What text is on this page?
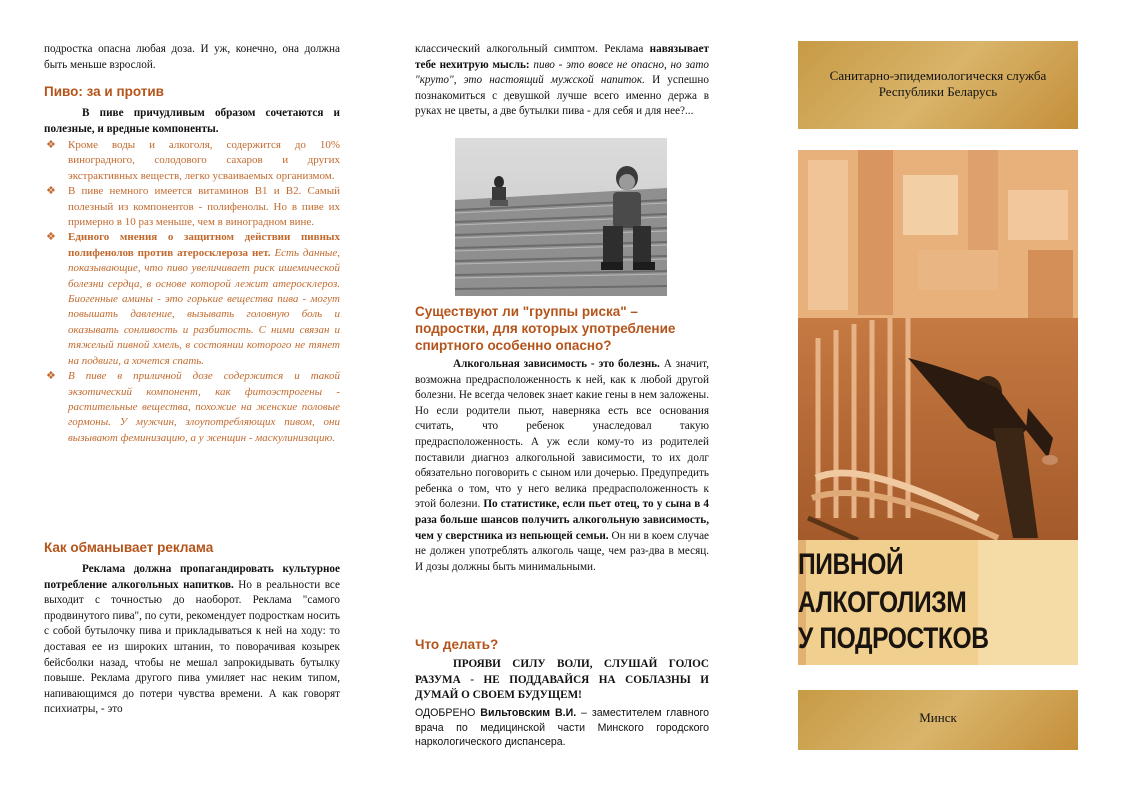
подростка опасна любая доза. И уж, конечно, она должна быть меньше взрослой.

Пиво: за и против

В пиве причудливым образом сочетаются и полезные, и вредные компоненты.

❖ Кроме воды и алкоголя, содержится до 10% виноградного, солодового сахаров и других экстрактивных веществ, легко усваиваемых организмом.
❖ В пиве немного имеется витаминов В1 и В2. Самый полезный из компонентов - полифенолы. Но в пиве их примерно в 10 раз меньше, чем в виноградном вине.
❖ Единого мнения о защитном действии пивных полифенолов против атеросклероза нет. Есть данные, показывающие, что пиво увеличивает риск ишемической болезни сердца, в основе которой лежит атеросклероз. Биогенные амины - это горькие вещества пива - могут повышать давление, вызывать головную боль и оказывать сонливость и разбитость. С ними связан и тяжелый пивной хмель, в состоянии которого не тянет на подвиги, а хочется спать.
❖ В пиве в приличной дозе содержится и такой экзотический компонент, как фитоэстрогены - растительные вещества, похожие на женские половые гормоны. У мужчин, злоупотребляющих пивом, они вызывают феминизацию, а у женщин - маскулинизацию.
Как обманывает реклама

Реклама должна пропагандировать культурное потребление алкогольных напитков. Но в реальности все выходит с точностью до наоборот. Реклама "самого продвинутого пива", по сути, рекомендует подросткам носить с собой бутылочку пива и прикладываться к ней на ходу: то доставая ее из широких штанин, то поворачивая козырек бейсболки назад, чтобы не мешал запрокидывать бутылку повыше. Реклама другого пива умиляет нас неким типом, напивающимся до потери чувства времени. А как говорят психиатры, - это

классический алкогольный симптом. Реклама навязывает тебе нехитрую мысль: пиво - это вовсе не опасно, но зато "круто", это настоящий мужской напиток. И успешно познакомиться с девушкой лучше всего именно держа в руках не цветы, а две бутылки пива - для себя и для нее?...

Существуют ли "группы риска" – подростки, для которых употребление спиртного особенно опасно?

Алкогольная зависимость - это болезнь. А значит, возможна предрасположенность к ней, как к любой другой болезни. Не всегда человек знает какие гены в нем заложены. Но если родители пьют, наверняка есть все основания считать, что ребенок унаследовал такую предрасположенность. А уж если кому-то из родителей поставили диагноз алкогольной зависимости, то их долг обязательно поговорить с сыном или дочерью. Предупредить ребенка о том, что у него велика предрасположенность к этой болезни. По статистике, если пьет отец, то у сына в 4 раза больше шансов получить алкогольную зависимость, чем у сверстника из непьющей семьи. Он ни в коем случае не должен употреблять алкоголь чаще, чем раз-два в месяц. И дозы должны быть минимальными.

Что делать?

ПРОЯВИ СИЛУ ВОЛИ, СЛУШАЙ ГОЛОС РАЗУМА - НЕ ПОДДАВАЙСЯ НА СОБЛАЗНЫ И ДУМАЙ О СВОЕМ БУДУЩЕМ!

ОДОБРЕНО Вильтовским В.И. – заместителем главного врача по медицинской части Минского городского наркологического диспансера.

Санитарно-эпидемиологическя служба Республики Беларусь

ПИВНОЙ
АЛКОГОЛИЗМ
У ПОДРОСТКОВ

Минск
